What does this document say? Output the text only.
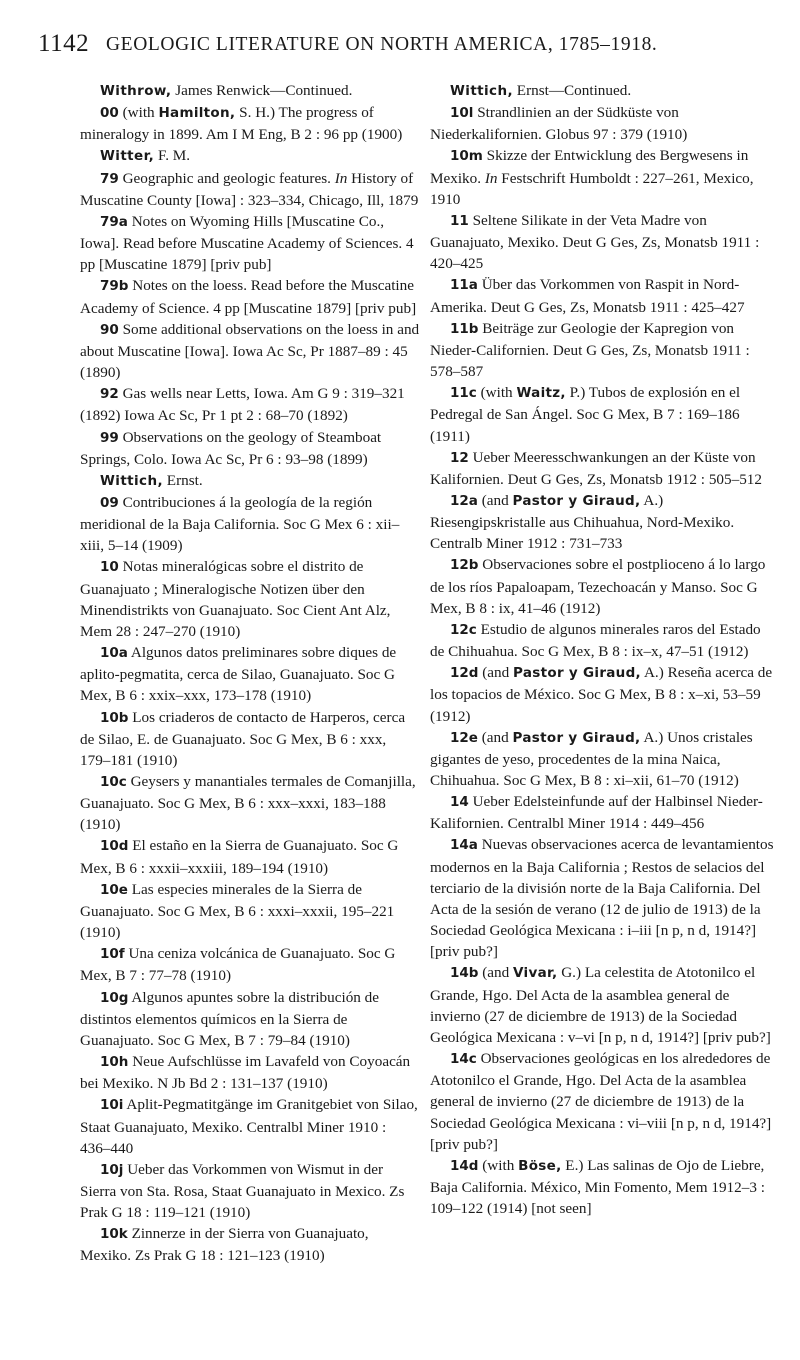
1142 GEOLOGIC LITERATURE ON NORTH AMERICA, 1785–1918.

Withrow, James Renwick—Continued.

00 (with Hamilton, S. H.) The progress of mineralogy in 1899. Am I M Eng, B 2 : 96 pp (1900)

Witter, F. M.

79 Geographic and geologic features. In History of Muscatine County [Iowa] : 323–334, Chicago, Ill, 1879

79a Notes on Wyoming Hills [Muscatine Co., Iowa]. Read before Muscatine Academy of Sciences. 4 pp [Muscatine 1879] [priv pub]

79b Notes on the loess. Read before the Muscatine Academy of Science. 4 pp [Muscatine 1879] [priv pub]

90 Some additional observations on the loess in and about Muscatine [Iowa]. Iowa Ac Sc, Pr 1887–89 : 45 (1890)

92 Gas wells near Letts, Iowa. Am G 9 : 319–321 (1892) Iowa Ac Sc, Pr 1 pt 2 : 68–70 (1892)

99 Observations on the geology of Steamboat Springs, Colo. Iowa Ac Sc, Pr 6 : 93–98 (1899)

Wittich, Ernst.

09 Contribuciones á la geología de la región meridional de la Baja California. Soc G Mex 6 : xii–xiii, 5–14 (1909)

10 Notas mineralógicas sobre el distrito de Guanajuato ; Mineralogische Notizen über den Minendistrikts von Guanajuato. Soc Cient Ant Alz, Mem 28 : 247–270 (1910)

10a Algunos datos preliminares sobre diques de aplito-pegmatita, cerca de Silao, Guanajuato. Soc G Mex, B 6 : xxix–xxx, 173–178 (1910)

10b Los criaderos de contacto de Harperos, cerca de Silao, E. de Guanajuato. Soc G Mex, B 6 : xxx, 179–181 (1910)

10c Geysers y manantiales termales de Comanjilla, Guanajuato. Soc G Mex, B 6 : xxx–xxxi, 183–188 (1910)

10d El estaño en la Sierra de Guanajuato. Soc G Mex, B 6 : xxxii–xxxiii, 189–194 (1910)

10e Las especies minerales de la Sierra de Guanajuato. Soc G Mex, B 6 : xxxi–xxxii, 195–221 (1910)

10f Una ceniza volcánica de Guanajuato. Soc G Mex, B 7 : 77–78 (1910)

10g Algunos apuntes sobre la distribución de distintos elementos químicos en la Sierra de Guanajuato. Soc G Mex, B 7 : 79–84 (1910)

10h Neue Aufschlüsse im Lavafeld von Coyoacán bei Mexiko. N Jb Bd 2 : 131–137 (1910)

10i Aplit-Pegmatitgänge im Granitgebiet von Silao, Staat Guanajuato, Mexiko. Centralbl Miner 1910 : 436–440

10j Ueber das Vorkommen von Wismut in der Sierra von Sta. Rosa, Staat Guanajuato in Mexico. Zs Prak G 18 : 119–121 (1910)

10k Zinnerze in der Sierra von Guanajuato, Mexiko. Zs Prak G 18 : 121–123 (1910)

Wittich, Ernst—Continued.

10l Strandlinien an der Südküste von Niederkalifornien. Globus 97 : 379 (1910)

10m Skizze der Entwicklung des Bergwesens in Mexiko. In Festschrift Humboldt : 227–261, Mexico, 1910

11 Seltene Silikate in der Veta Madre von Guanajuato, Mexiko. Deut G Ges, Zs, Monatsb 1911 : 420–425

11a Über das Vorkommen von Raspit in Nord-Amerika. Deut G Ges, Zs, Monatsb 1911 : 425–427

11b Beiträge zur Geologie der Kapregion von Nieder-Californien. Deut G Ges, Zs, Monatsb 1911 : 578–587

11c (with Waitz, P.) Tubos de explosión en el Pedregal de San Ángel. Soc G Mex, B 7 : 169–186 (1911)

12 Ueber Meeresschwankungen an der Küste von Kalifornien. Deut G Ges, Zs, Monatsb 1912 : 505–512

12a (and Pastor y Giraud, A.) Riesengipskristalle aus Chihuahua, Nord-Mexiko. Centralb Miner 1912 : 731–733

12b Observaciones sobre el postplioceno á lo largo de los ríos Papaloapam, Tezechoacán y Manso. Soc G Mex, B 8 : ix, 41–46 (1912)

12c Estudio de algunos minerales raros del Estado de Chihuahua. Soc G Mex, B 8 : ix–x, 47–51 (1912)

12d (and Pastor y Giraud, A.) Reseña acerca de los topacios de México. Soc G Mex, B 8 : x–xi, 53–59 (1912)

12e (and Pastor y Giraud, A.) Unos cristales gigantes de yeso, procedentes de la mina Naica, Chihuahua. Soc G Mex, B 8 : xi–xii, 61–70 (1912)

14 Ueber Edelsteinfunde auf der Halbinsel Nieder-Kalifornien. Centralbl Miner 1914 : 449–456

14a Nuevas observaciones acerca de levantamientos modernos en la Baja California ; Restos de selacios del terciario de la división norte de la Baja California. Del Acta de la sesión de verano (12 de julio de 1913) de la Sociedad Geológica Mexicana : i–iii [n p, n d, 1914?] [priv pub?]

14b (and Vivar, G.) La celestita de Atotonilco el Grande, Hgo. Del Acta de la asamblea general de invierno (27 de diciembre de 1913) de la Sociedad Geológica Mexicana : v–vi [n p, n d, 1914?] [priv pub?]

14c Observaciones geológicas en los alrededores de Atotonilco el Grande, Hgo. Del Acta de la asamblea general de invierno (27 de diciembre de 1913) de la Sociedad Geológica Mexicana : vi–viii [n p, n d, 1914?] [priv pub?]

14d (with Böse, E.) Las salinas de Ojo de Liebre, Baja California. México, Min Fomento, Mem 1912–3 : 109–122 (1914) [not seen]
